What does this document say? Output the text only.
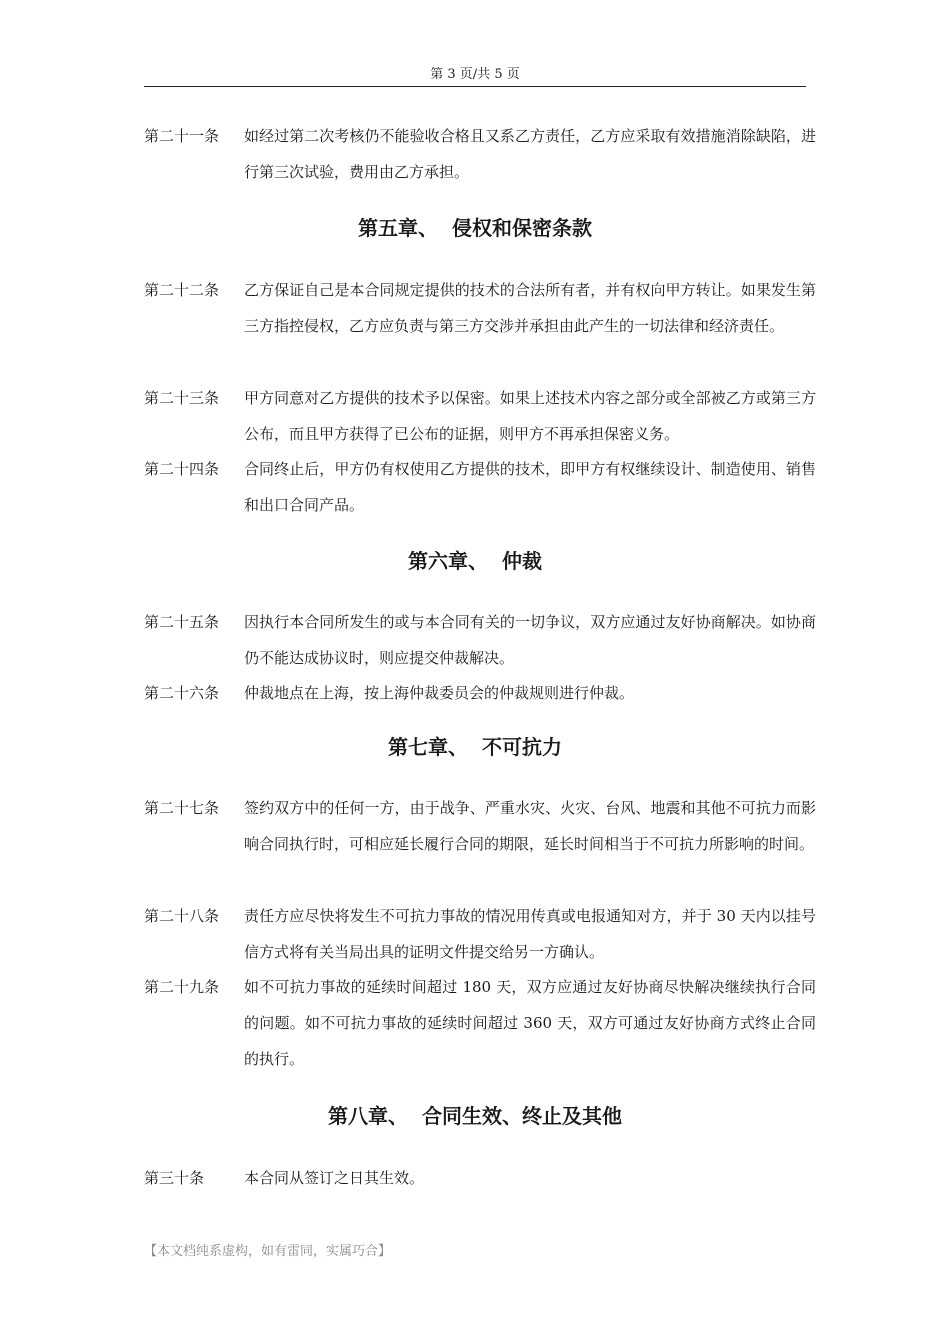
第 3 页/共 5 页
第二十一条	如经过第二次考核仍不能验收合格且又系乙方责任，乙方应采取有效措施消除缺陷，进行第三次试验，费用由乙方承担。
第五章、  侵权和保密条款
第二十二条	乙方保证自己是本合同规定提供的技术的合法所有者，并有权向甲方转让。如果发生第三方指控侵权，乙方应负责与第三方交涉并承担由此产生的一切法律和经济责任。
第二十三条	甲方同意对乙方提供的技术予以保密。如果上述技术内容之部分或全部被乙方或第三方公布，而且甲方获得了已公布的证据，则甲方不再承担保密义务。
第二十四条	合同终止后，甲方仍有权使用乙方提供的技术，即甲方有权继续设计、制造使用、销售和出口合同产品。
第六章、  仲裁
第二十五条	因执行本合同所发生的或与本合同有关的一切争议，双方应通过友好协商解决。如协商仍不能达成协议时，则应提交仲裁解决。
第二十六条	仲裁地点在上海，按上海仲裁委员会的仲裁规则进行仲裁。
第七章、  不可抗力
第二十七条	签约双方中的任何一方，由于战争、严重水灾、火灾、台风、地震和其他不可抗力而影响合同执行时，可相应延长履行合同的期限，延长时间相当于不可抗力所影响的时间。
第二十八条	责任方应尽快将发生不可抗力事故的情况用传真或电报通知对方，并于 30 天内以挂号信方式将有关当局出具的证明文件提交给另一方确认。
第二十九条	如不可抗力事故的延续时间超过 180 天，双方应通过友好协商尽快解决继续执行合同的问题。如不可抗力事故的延续时间超过 360 天，双方可通过友好协商方式终止合同的执行。
第八章、  合同生效、终止及其他
第三十条	本合同从签订之日其生效。
【本文档纯系虚构，如有雷同，实属巧合】
